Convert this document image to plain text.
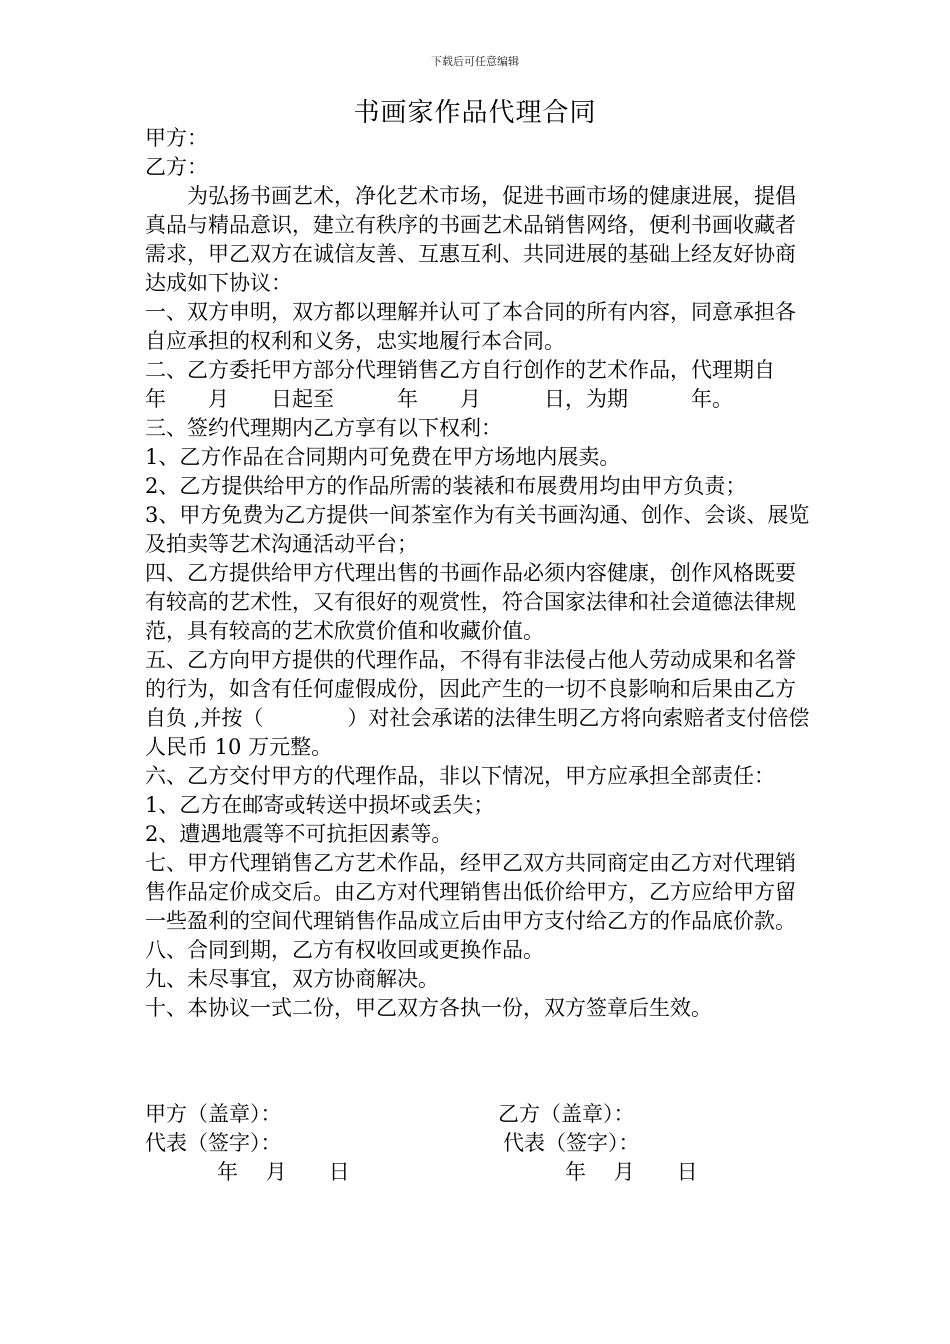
下载后可任意编辑
书画家作品代理合同

甲方：

乙方：

为弘扬书画艺术，净化艺术市场，促进书画市场的健康进展，提倡真品与精品意识，建立有秩序的书画艺术品销售网络，便利书画收藏者需求，甲乙双方在诚信友善、互惠互利、共同进展的基础上经友好协商达成如下协议：

一、双方申明，双方都以理解并认可了本合同的所有内容，同意承担各自应承担的权利和义务，忠实地履行本合同。

二、乙方委托甲方部分代理销售乙方自行创作的艺术作品，代理期自　　年　　月　　日起至　　　年　　月　　　日，为期　　　年。

三、签约代理期内乙方享有以下权利：

1、乙方作品在合同期内可免费在甲方场地内展卖。

2、乙方提供给甲方的作品所需的装裱和布展费用均由甲方负责；

3、甲方免费为乙方提供一间茶室作为有关书画沟通、创作、会谈、展览及拍卖等艺术沟通活动平台；

四、乙方提供给甲方代理出售的书画作品必须内容健康，创作风格既要有较高的艺术性，又有很好的观赏性，符合国家法律和社会道德法律规范，具有较高的艺术欣赏价值和收藏价值。

五、乙方向甲方提供的代理作品，不得有非法侵占他人劳动成果和名誉的行为，如含有任何虚假成份，因此产生的一切不良影响和后果由乙方自负 ,并按（　　　　）对社会承诺的法律生明乙方将向索赔者支付倍偿人民币 10 万元整。

六、乙方交付甲方的代理作品，非以下情况，甲方应承担全部责任：

1、乙方在邮寄或转送中损坏或丢失；

2、遭遇地震等不可抗拒因素等。

七、甲方代理销售乙方艺术作品，经甲乙双方共同商定由乙方对代理销售作品定价成交后。由乙方对代理销售出低价给甲方，乙方应给甲方留一些盈利的空间代理销售作品成立后由甲方支付给乙方的作品底价款。

八、合同到期，乙方有权收回或更换作品。

九、未尽事宜，双方协商解决。

十、本协议一式二份，甲乙双方各执一份，双方签章后生效。

甲方（盖章）：	乙方（盖章）：
代表（签字）：	代表（签字）：
年　 月　　日	年　 月　　日
